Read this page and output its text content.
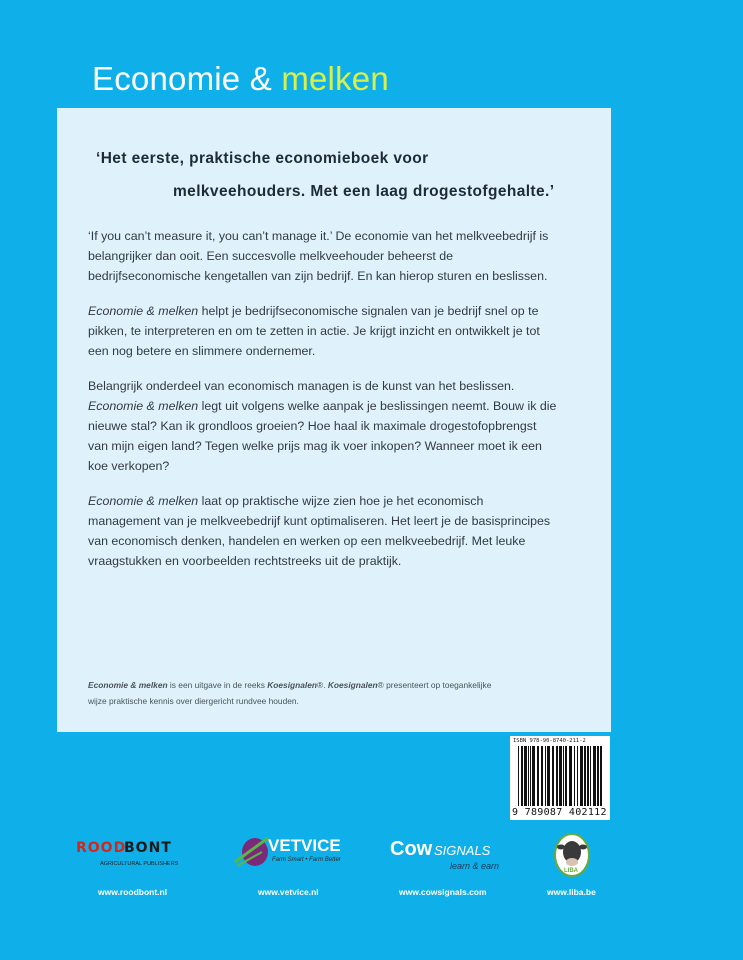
Economie & melken
‘Het eerste, praktische economieboek voor
melkveehouders. Met een laag drogestofgehalte.’

‘If you can’t measure it, you can’t manage it.’ De economie van het melkveebedrijf is belangrijker dan ooit. Een succesvolle melkveehouder beheerst de bedrijfseconomische kengetallen van zijn bedrijf. En kan hierop sturen en beslissen.

Economie & melken helpt je bedrijfseconomische signalen van je bedrijf snel op te pikken, te interpreteren en om te zetten in actie. Je krijgt inzicht en ontwikkelt je tot een nog betere en slimmere ondernemer.

Belangrijk onderdeel van economisch managen is de kunst van het beslissen. Economie & melken legt uit volgens welke aanpak je beslissingen neemt. Bouw ik die nieuwe stal? Kan ik grondloos groeien? Hoe haal ik maximale drogestofopbrengst van mijn eigen land? Tegen welke prijs mag ik voer inkopen? Wanneer moet ik een koe verkopen?

Economie & melken laat op praktische wijze zien hoe je het economisch management van je melkveebedrijf kunt optimaliseren. Het leert je de basisprincipes van economisch denken, handelen en werken op een melkveebedrijf. Met leuke vraagstukken en voorbeelden rechtstreeks uit de praktijk.

Economie & melken is een uitgave in de reeks Koesignalen®. Koesignalen® presenteert op toegankelijke wijze praktische kennis over diergericht rundvee houden.
ISBN 978-90-8740-211-2
9 789087 402112
ROOD
BONT
AGRICULTURAL PUBLISHERS
VETVICE
Farm Smart • Farm Better Cow SIGNALS
learn & earn	LIBA
www.roodbont.nl	www.vetvice.nl	www.cowsignals.com	www.liba.be
